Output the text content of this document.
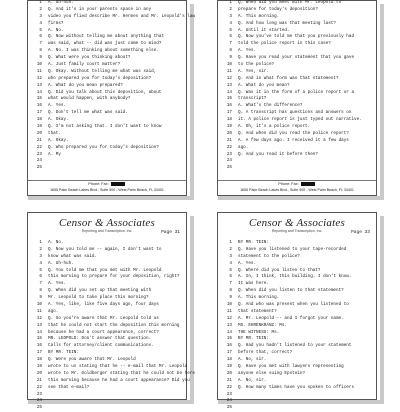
1 A. Uh-huh.
2 Q. And it's in your parents space in any
3 video you flied describe Mr. Hermes and Mr. Leopold's law
4 firms?
5 A. No.
6 Q. Now without telling me about anything that
7 was said, what -- did was just came to mind?
8 A. No. I was thinking about something else.
9 Q. What were you thinking about?
10 A. Just family court matter?
11 Q. Okay. Without telling me what was said,
12 who prepared you for today's deposition?
13 A. What do you mean prepared?
14 Q. Did you talk about this deposition, about
15 what would happen, with anybody?
16 A. Yes.
17 Q. Don't tell me what was said.
18 A. Okay.
19 Q. I'm not asking that. I don't want to know
20 that.
21 A. Okay.
22 Q. Who prepared you for today's deposition?
23 A. My
24
25
Phone: Fax:
1655 Palm Beach Lakes Blvd., Suite 900 - West Palm Beach, FL 33401
1 Q. When did you meet with Mr. Leopold to
2 prepare for today's deposition?
3 A. This morning.
4 Q. And how long was that meeting last?
5 A. Until it started.
6 Q. Now you've told me that you previously had
7 told the police report in this case?
8 A. Yes.
9 Q. Have you read your statement that you gave
10 to the police?
11 A. Yes, sir.
12 Q. And in what form was that statement?
13 A. What do you mean?
14 Q. Was it in the form of a police report or a
15 transcript?
16 A. What's the difference?
17 Q. A transcript has questions and answers on
18 it. A police report is just typed out narrative.
19 A. Oh, it's a police report.
20 Q. And when did you read the police report?
21 A. A few days ago. I received it a few days
22 ago.
23 Q. And you read it before then?
24
25
Phone: Fax:
1655 Palm Beach Lakes Blvd., Suite 900 - West Palm Beach, FL 33401
Censor & Associates
Reporting and Transcription, Inc.	Page 31
1 A. No.
2 Q. Now you told me -- again, I don't want to
3 know what was said.
4 A. Uh-huh.
5 Q. You told me that you met with Mr. Leopold
6 this morning to prepare for your deposition, right?
7 A. Yes.
8 Q. When did you set up that meeting with
9 Mr. Leopold to take place this morning?
10 A. Yes, like, like five days ago, four days
11 ago.
12 Q. So you're aware that Mr. Leopold told us
13 that he could not start the deposition this morning
14 because he had a court appearance, correct?
15 MR. LEOPOLD: Don't answer that question.
16 Calls for attorney/client communications.
17 BY MR. TEIN:
18 Q. Were you aware that Mr. Leopold
19 wrote to us stating that he -- e-mail that Mr. Leopold
20 wrote to Mr. Goldberger stating that he could not be here
21 this morning because he had a court appearance? Did you
22 see that e-mail?
23
24
25
Censor & Associates
Reporting and Transcription, Inc.	Page 33
1 BY MR. TEIN:
2 Q. Have you listened to your tape-recorded
3 statement to the police?
4 A. Yes.
5 Q. Where did you listen to that?
6 A. In, I think, this building. I don't know.
7 It was here.
8 Q. When did you listen to that statement?
9 A. This morning.
10 Q. And who was present when you listened to
11 that statement?
12 A. Mr. Leopold -- and I forgot your name.
13 MS. EHRENKRANZ: Ms.
14 THE WITNESS: Ms.
15 BY MR. TEIN:
16 Q. Had you hadn't listened to your statement
17 before that, correct?
18 A. No, sir.
19 Q. Have you met with lawyers representing
20 anyone else suing Epstein?
21 A. No, sir.
22 Q. How many times have you spoken to officers
23
24
25
